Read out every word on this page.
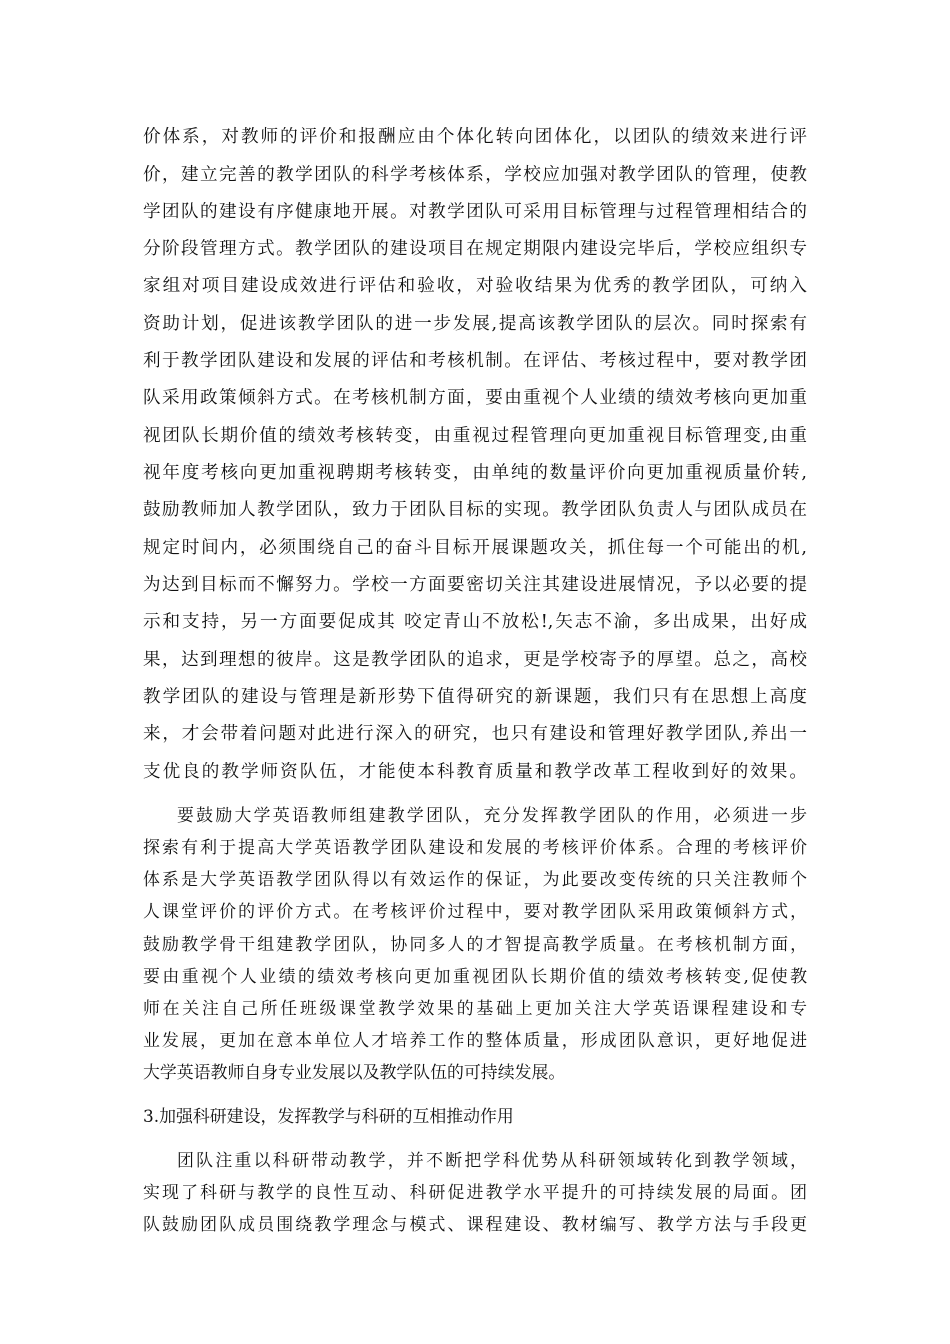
价体系，对教师的评价和报酬应由个体化转向团体化，以团队的绩效来进行评
价，建立完善的教学团队的科学考核体系，学校应加强对教学团队的管理，使教
学团队的建设有序健康地开展。对教学团队可采用目标管理与过程管理相结合的
分阶段管理方式。教学团队的建设项目在规定期限内建设完毕后，学校应组织专
家组对项目建设成效进行评估和验收，对验收结果为优秀的教学团队，可纳入
资助计划，促进该教学团队的进一步发展,提高该教学团队的层次。同时探索有
利于教学团队建设和发展的评估和考核机制。在评估、考核过程中，要对教学团
队采用政策倾斜方式。在考核机制方面，要由重视个人业绩的绩效考核向更加重
视团队长期价值的绩效考核转变，由重视过程管理向更加重视目标管理变,由重
视年度考核向更加重视聘期考核转变，由单纯的数量评价向更加重视质量价转,
鼓励教师加人教学团队，致力于团队目标的实现。教学团队负责人与团队成员在
规定时间内，必须围绕自己的奋斗目标开展课题攻关，抓住每一个可能出的机,
为达到目标而不懈努力。学校一方面要密切关注其建设进展情况，予以必要的提
示和支持，另一方面要促成其 咬定青山不放松!,矢志不渝，多出成果，出好成
果，达到理想的彼岸。这是教学团队的追求，更是学校寄予的厚望。总之，高校
教学团队的建设与管理是新形势下值得研究的新课题，我们只有在思想上高度
来，才会带着问题对此进行深入的研究，也只有建设和管理好教学团队,养出一
支优良的教学师资队伍，才能使本科教育质量和教学改革工程收到好的效果。
要鼓励大学英语教师组建教学团队，充分发挥教学团队的作用，必须进一步
探索有利于提高大学英语教学团队建设和发展的考核评价体系。合理的考核评价
体系是大学英语教学团队得以有效运作的保证，为此要改变传统的只关注教师个
人课堂评价的评价方式。在考核评价过程中，要对教学团队采用政策倾斜方式，
鼓励教学骨干组建教学团队，协同多人的才智提高教学质量。在考核机制方面，
要由重视个人业绩的绩效考核向更加重视团队长期价值的绩效考核转变,促使教
师在关注自己所任班级课堂教学效果的基础上更加关注大学英语课程建设和专
业发展，更加在意本单位人才培养工作的整体质量，形成团队意识，更好地促进
大学英语教师自身专业发展以及教学队伍的可持续发展。
3.加强科研建设，发挥教学与科研的互相推动作用
团队注重以科研带动教学，并不断把学科优势从科研领域转化到教学领域，
实现了科研与教学的良性互动、科研促进教学水平提升的可持续发展的局面。团
队鼓励团队成员围绕教学理念与模式、课程建设、教材编写、教学方法与手段更
